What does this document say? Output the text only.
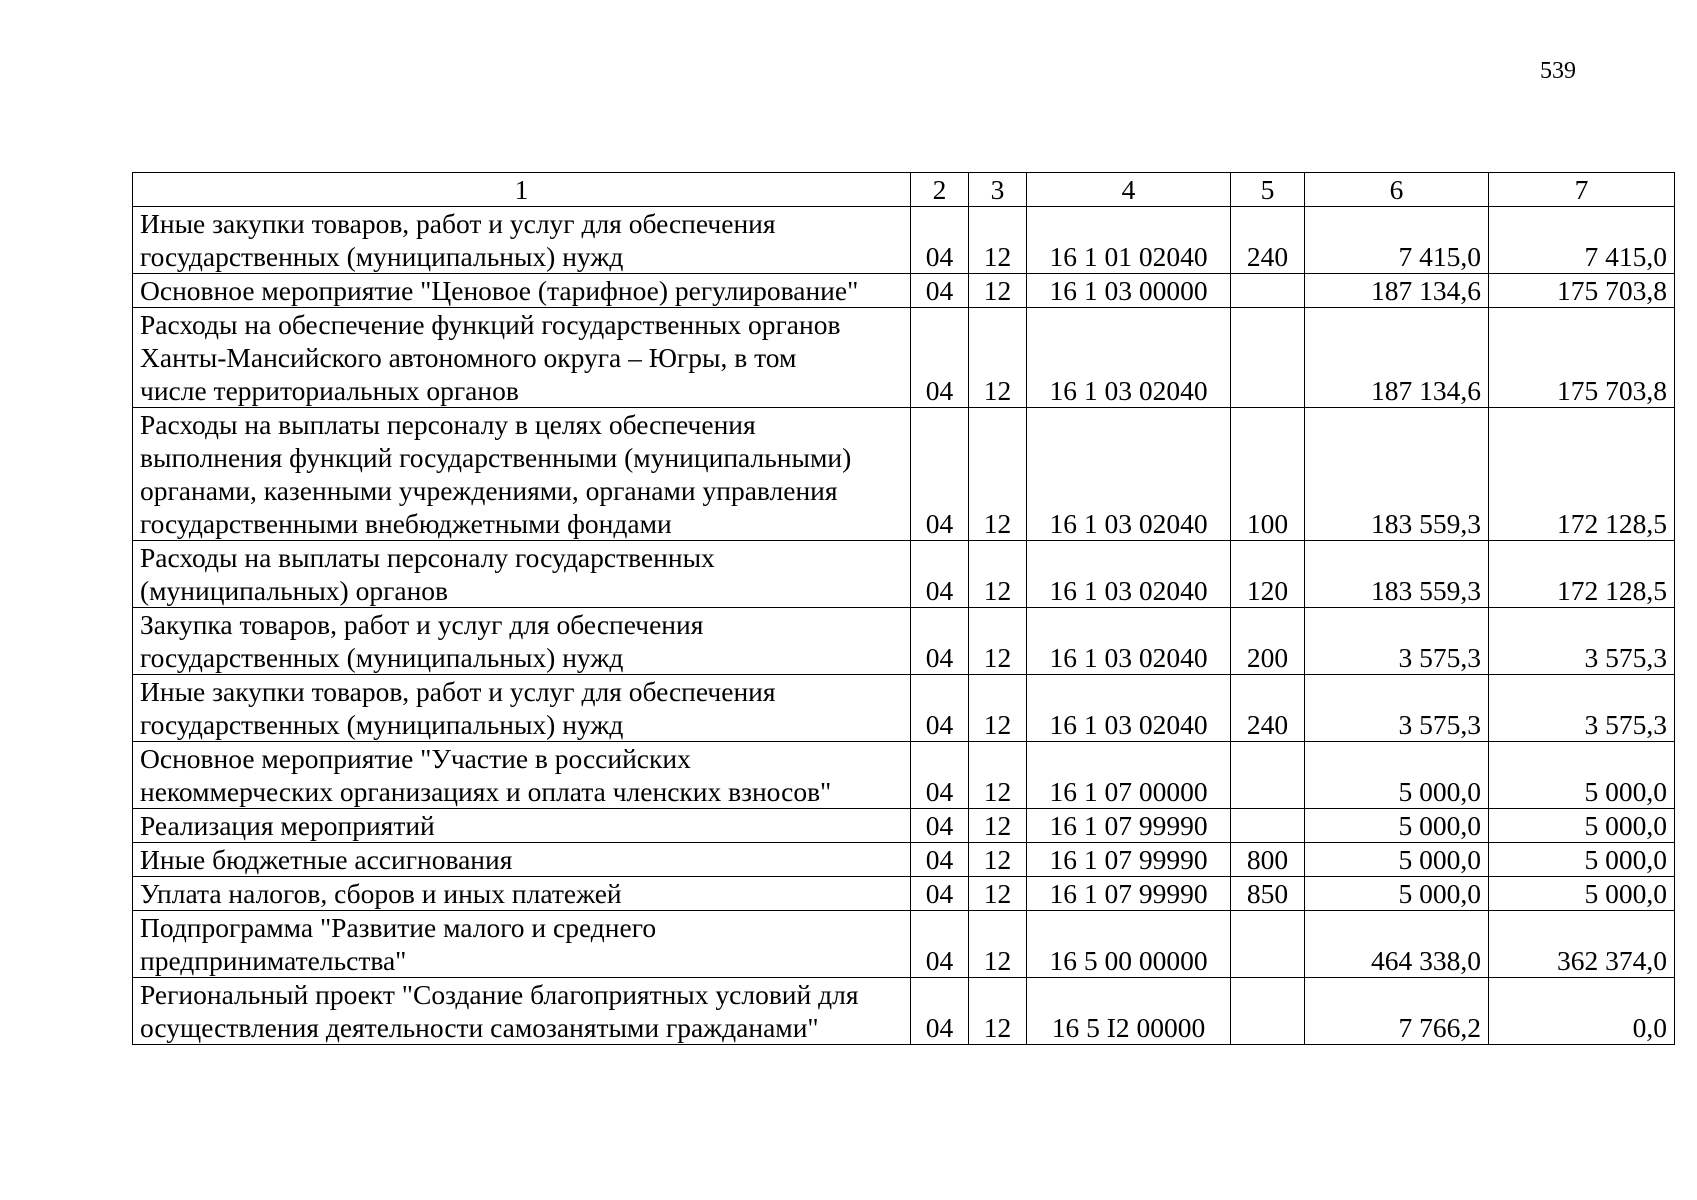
539
1	2	3	4	5	6	7

Иные закупки товаров, работ и услуг для обеспечения
государственных (муниципальных) нужд	04	12	16 1 01 02040	240	7 415,0	7 415,0

Основное мероприятие "Ценовое (тарифное) регулирование"	04	12	16 1 03 00000		187 134,6	175 703,8

Расходы на обеспечение функций государственных органов
Ханты-Мансийского автономного округа – Югры, в том
числе территориальных органов	04	12	16 1 03 02040		187 134,6	175 703,8

Расходы на выплаты персоналу в целях обеспечения
выполнения функций государственными (муниципальными)
органами, казенными учреждениями, органами управления
государственными внебюджетными фондами	04	12	16 1 03 02040	100	183 559,3	172 128,5

Расходы на выплаты персоналу государственных
(муниципальных) органов	04	12	16 1 03 02040	120	183 559,3	172 128,5

Закупка товаров, работ и услуг для обеспечения
государственных (муниципальных) нужд	04	12	16 1 03 02040	200	3 575,3	3 575,3

Иные закупки товаров, работ и услуг для обеспечения
государственных (муниципальных) нужд	04	12	16 1 03 02040	240	3 575,3	3 575,3

Основное мероприятие "Участие в российских
некоммерческих организациях и оплата членских взносов"	04	12	16 1 07 00000		5 000,0	5 000,0

Реализация мероприятий	04	12	16 1 07 99990		5 000,0	5 000,0

Иные бюджетные ассигнования	04	12	16 1 07 99990	800	5 000,0	5 000,0

Уплата налогов, сборов и иных платежей	04	12	16 1 07 99990	850	5 000,0	5 000,0

Подпрограмма "Развитие малого и среднего
предпринимательства"	04	12	16 5 00 00000		464 338,0	362 374,0

Региональный проект "Создание благоприятных условий для
осуществления деятельности самозанятыми гражданами"	04	12	16 5 I2 00000		7 766,2	0,0
